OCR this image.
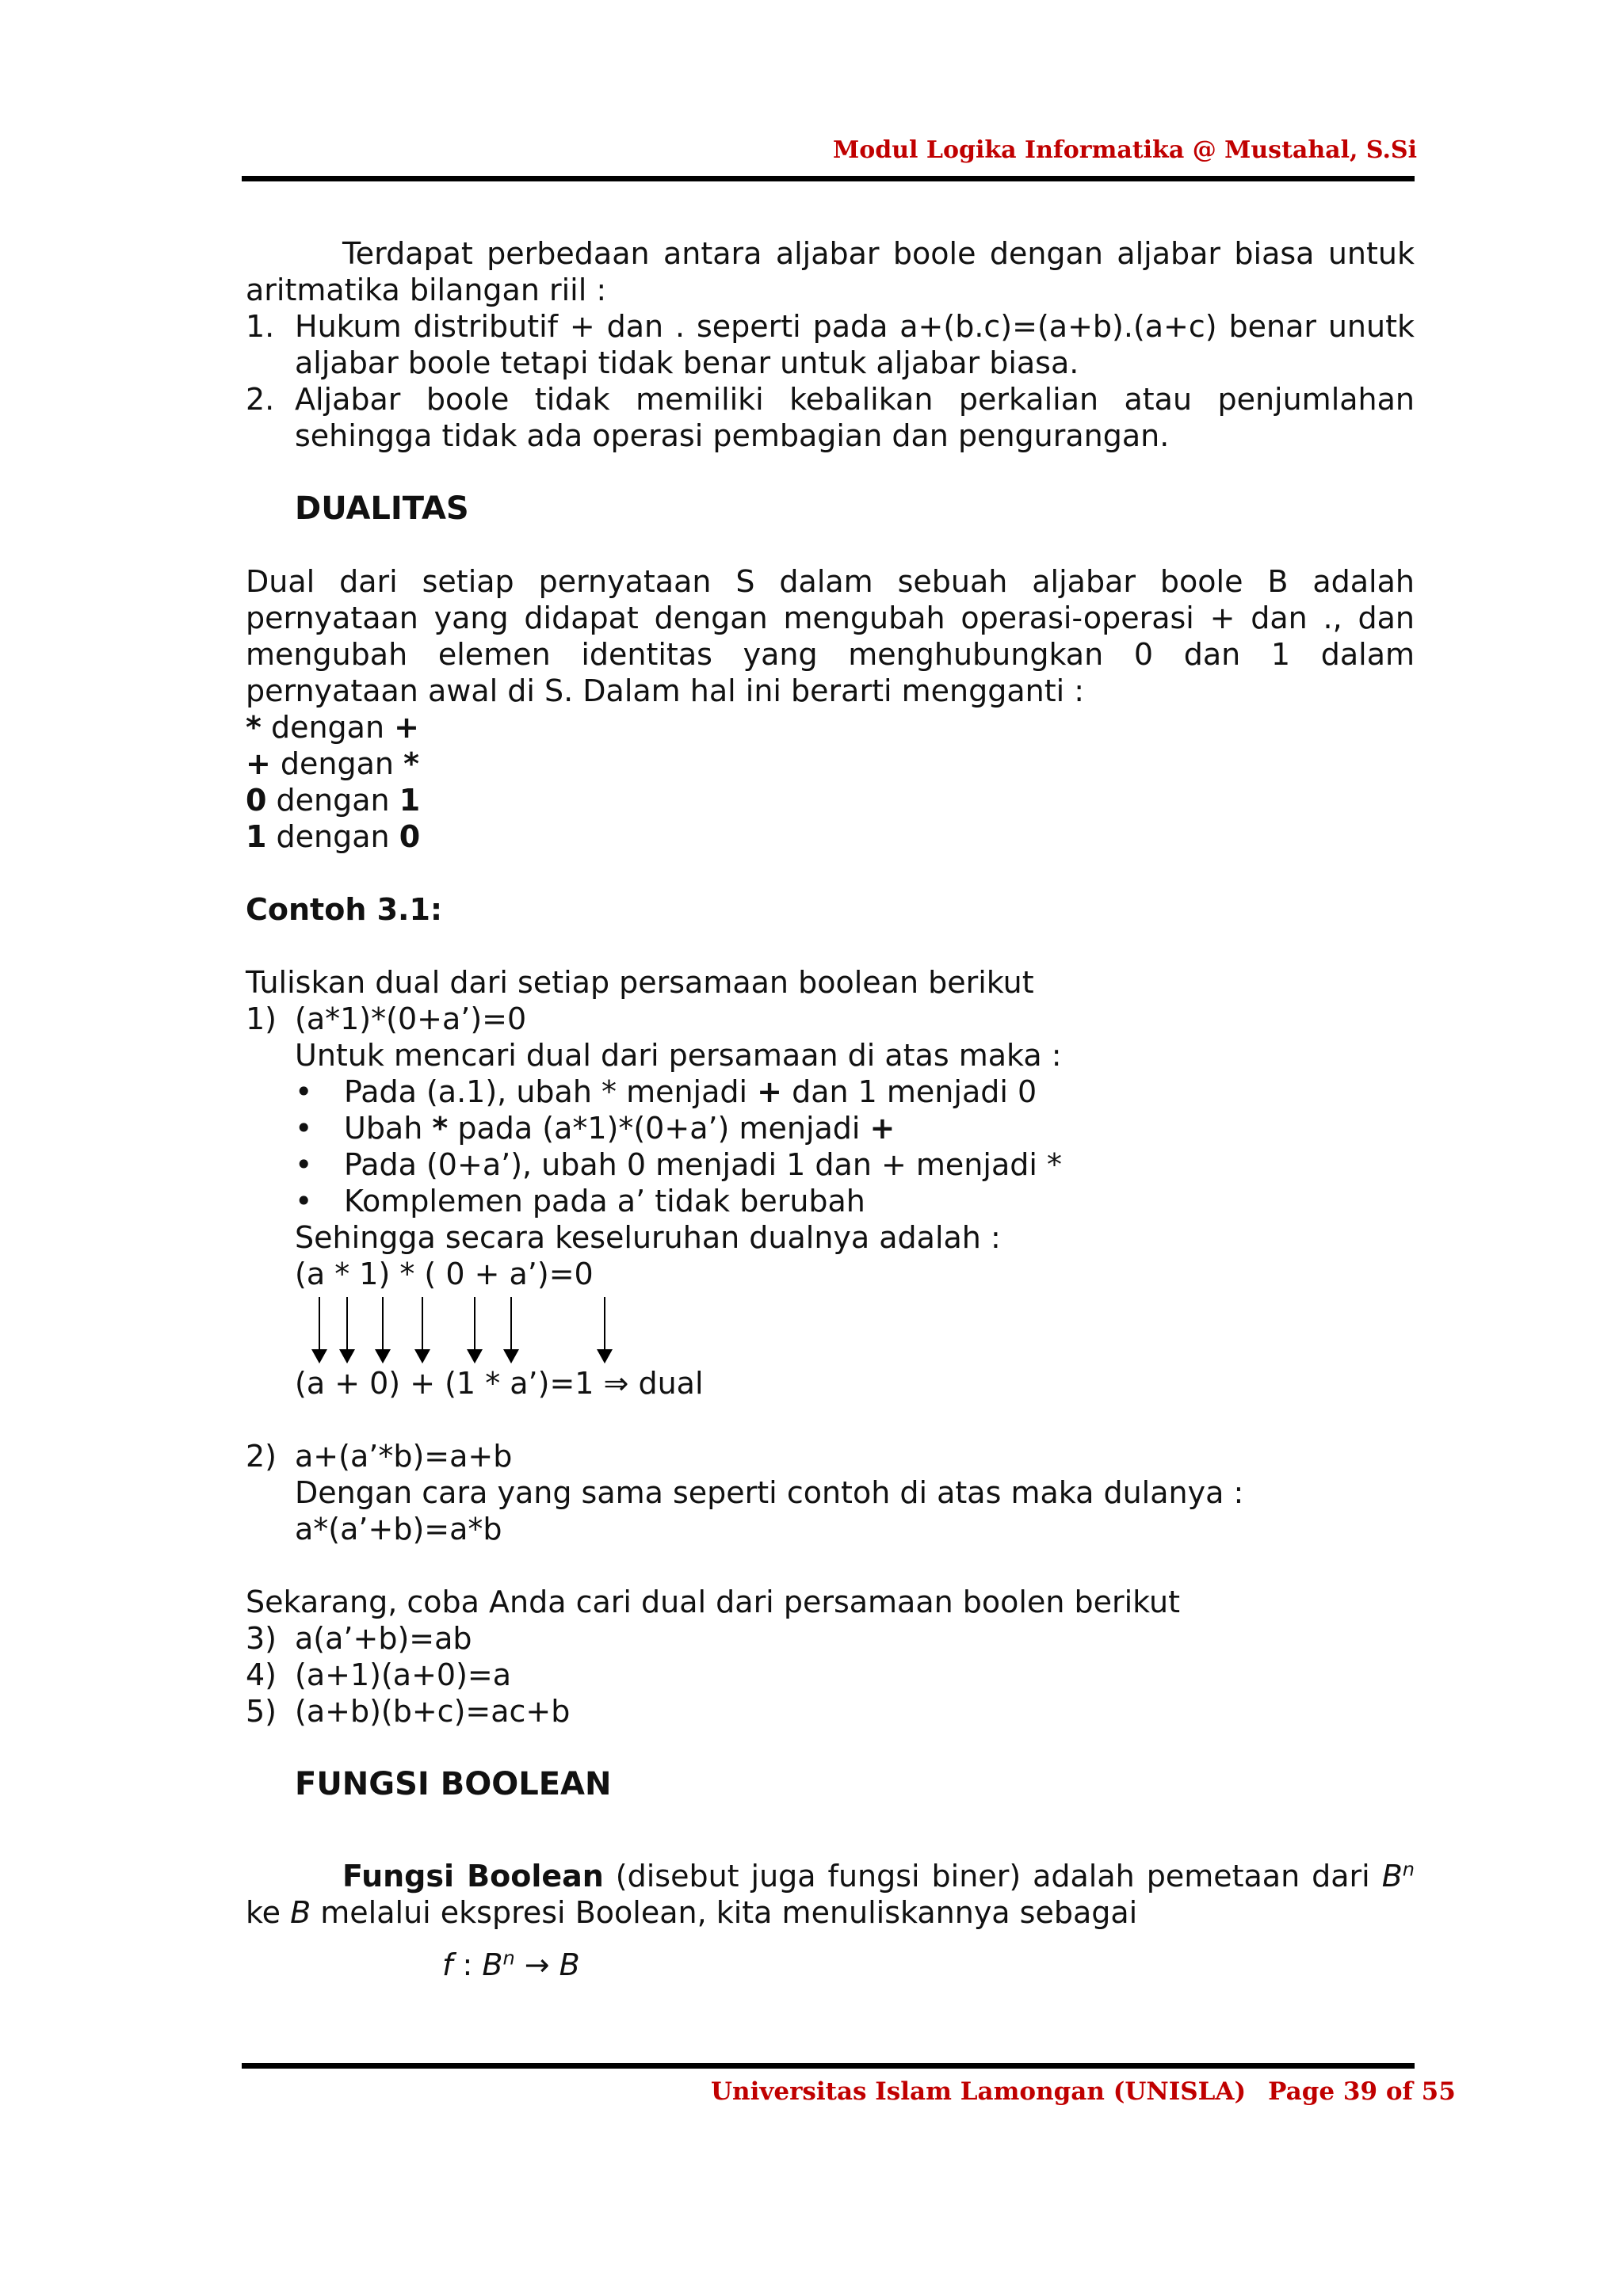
Modul Logika Informatika @ Mustahal, S.Si
Terdapat perbedaan antara aljabar boole dengan aljabar biasa untuk
aritmatika bilangan riil :
1. Hukum distributif + dan . seperti pada a+(b.c)=(a+b).(a+c) benar unutk
aljabar boole tetapi tidak benar untuk aljabar biasa.
2. Aljabar boole tidak memiliki kebalikan perkalian atau penjumlahan
sehingga tidak ada operasi pembagian dan pengurangan.
DUALITAS
Dual dari setiap pernyataan S dalam sebuah aljabar boole B adalah
pernyataan yang didapat dengan mengubah operasi-operasi + dan ., dan
mengubah elemen identitas yang menghubungkan 0 dan 1 dalam
pernyataan awal di S. Dalam hal ini berarti mengganti :
* dengan +
+ dengan *
0 dengan 1
1 dengan 0
Contoh 3.1:
Tuliskan dual dari setiap persamaan boolean berikut
1) (a*1)*(0+a’)=0
Untuk mencari dual dari persamaan di atas maka :
• Pada (a.1), ubah * menjadi + dan 1 menjadi 0
• Ubah * pada (a*1)*(0+a’) menjadi +
• Pada (0+a’), ubah 0 menjadi 1 dan + menjadi *
• Komplemen pada a’ tidak berubah
Sehingga secara keseluruhan dualnya adalah :
(a * 1) * ( 0 + a’)=0
(a + 0) + (1 * a’)=1 ⇒ dual
2) a+(a’*b)=a+b
Dengan cara yang sama seperti contoh di atas maka dulanya :
a*(a’+b)=a*b
Sekarang, coba Anda cari dual dari persamaan boolen berikut
3) a(a’+b)=ab
4) (a+1)(a+0)=a
5) (a+b)(b+c)=ac+b
FUNGSI BOOLEAN
Fungsi Boolean (disebut juga fungsi biner) adalah pemetaan dari $B^n$
ke B melalui ekspresi Boolean, kita menuliskannya sebagai
f : $B^n \to B$
Universitas Islam Lamongan (UNISLA) Page 39 of 55
